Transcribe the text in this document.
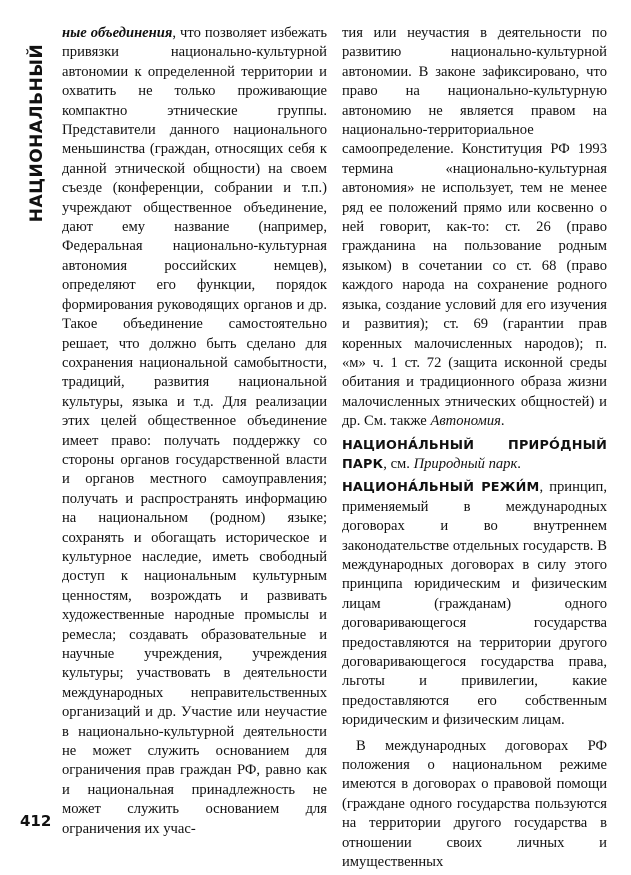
НАЦИОНАЛЬНЫЙ
412

ные объединения, что позволяет избежать привязки национально-культурной автономии к определенной территории и охватить не только проживающие компактно этнические группы. Представители данного национального меньшинства (граждан, относящих себя к данной этнической общности) на своем съезде (конференции, собрании и т.п.) учреждают общественное объединение, дают ему название (например, Федеральная национально-культурная автономия российских немцев), определяют его функции, порядок формирования руководящих органов и др. Такое объединение самостоятельно решает, что должно быть сделано для сохранения национальной самобытности, традиций, развития национальной культуры, языка и т.д. Для реализации этих целей общественное объединение имеет право: получать поддержку со стороны органов государственной власти и органов местного самоуправления; получать и распространять информацию на национальном (родном) языке; сохранять и обогащать историческое и культурное наследие, иметь свободный доступ к национальным культурным ценностям, возрождать и развивать художественные народные промыслы и ремесла; создавать образовательные и научные учреждения, учреждения культуры; участвовать в деятельности международных неправительственных организаций и др. Участие или неучастие в национально-культурной деятельности не может служить основанием для ограничения прав граждан РФ, равно как и национальная принадлежность не может служить основанием для ограничения их учас-

тия или неучастия в деятельности по развитию национально-культурной автономии. В законе зафиксировано, что право на национально-культурную автономию не является правом на национально-территориальное самоопределение. Конституция РФ 1993 термина «национально-культурная автономия» не использует, тем не менее ряд ее положений прямо или косвенно о ней говорит, как-то: ст. 26 (право гражданина на пользование родным языком) в сочетании со ст. 68 (право каждого народа на сохранение родного языка, создание условий для его изучения и развития); ст. 69 (гарантии прав коренных малочисленных народов); п. «м» ч. 1 ст. 72 (защита исконной среды обитания и традиционного образа жизни малочисленных этнических общностей) и др. См. также Автономия.

НАЦИОНА́ЛЬНЫЙ ПРИРО́ДНЫЙ ПАРК, см. Природный парк.

НАЦИОНА́ЛЬНЫЙ РЕЖИ́М, принцип, применяемый в международных договорах и во внутреннем законодательстве отдельных государств. В международных договорах в силу этого принципа юридическим и физическим лицам (гражданам) одного договаривающегося государства предоставляются на территории другого договаривающегося государства права, льготы и привилегии, какие предоставляются его собственным юридическим и физическим лицам.

В международных договорах РФ положения о национальном режиме имеются в договорах о правовой помощи (граждане одного государства пользуются на территории другого государства в отношении своих личных и имущественных
